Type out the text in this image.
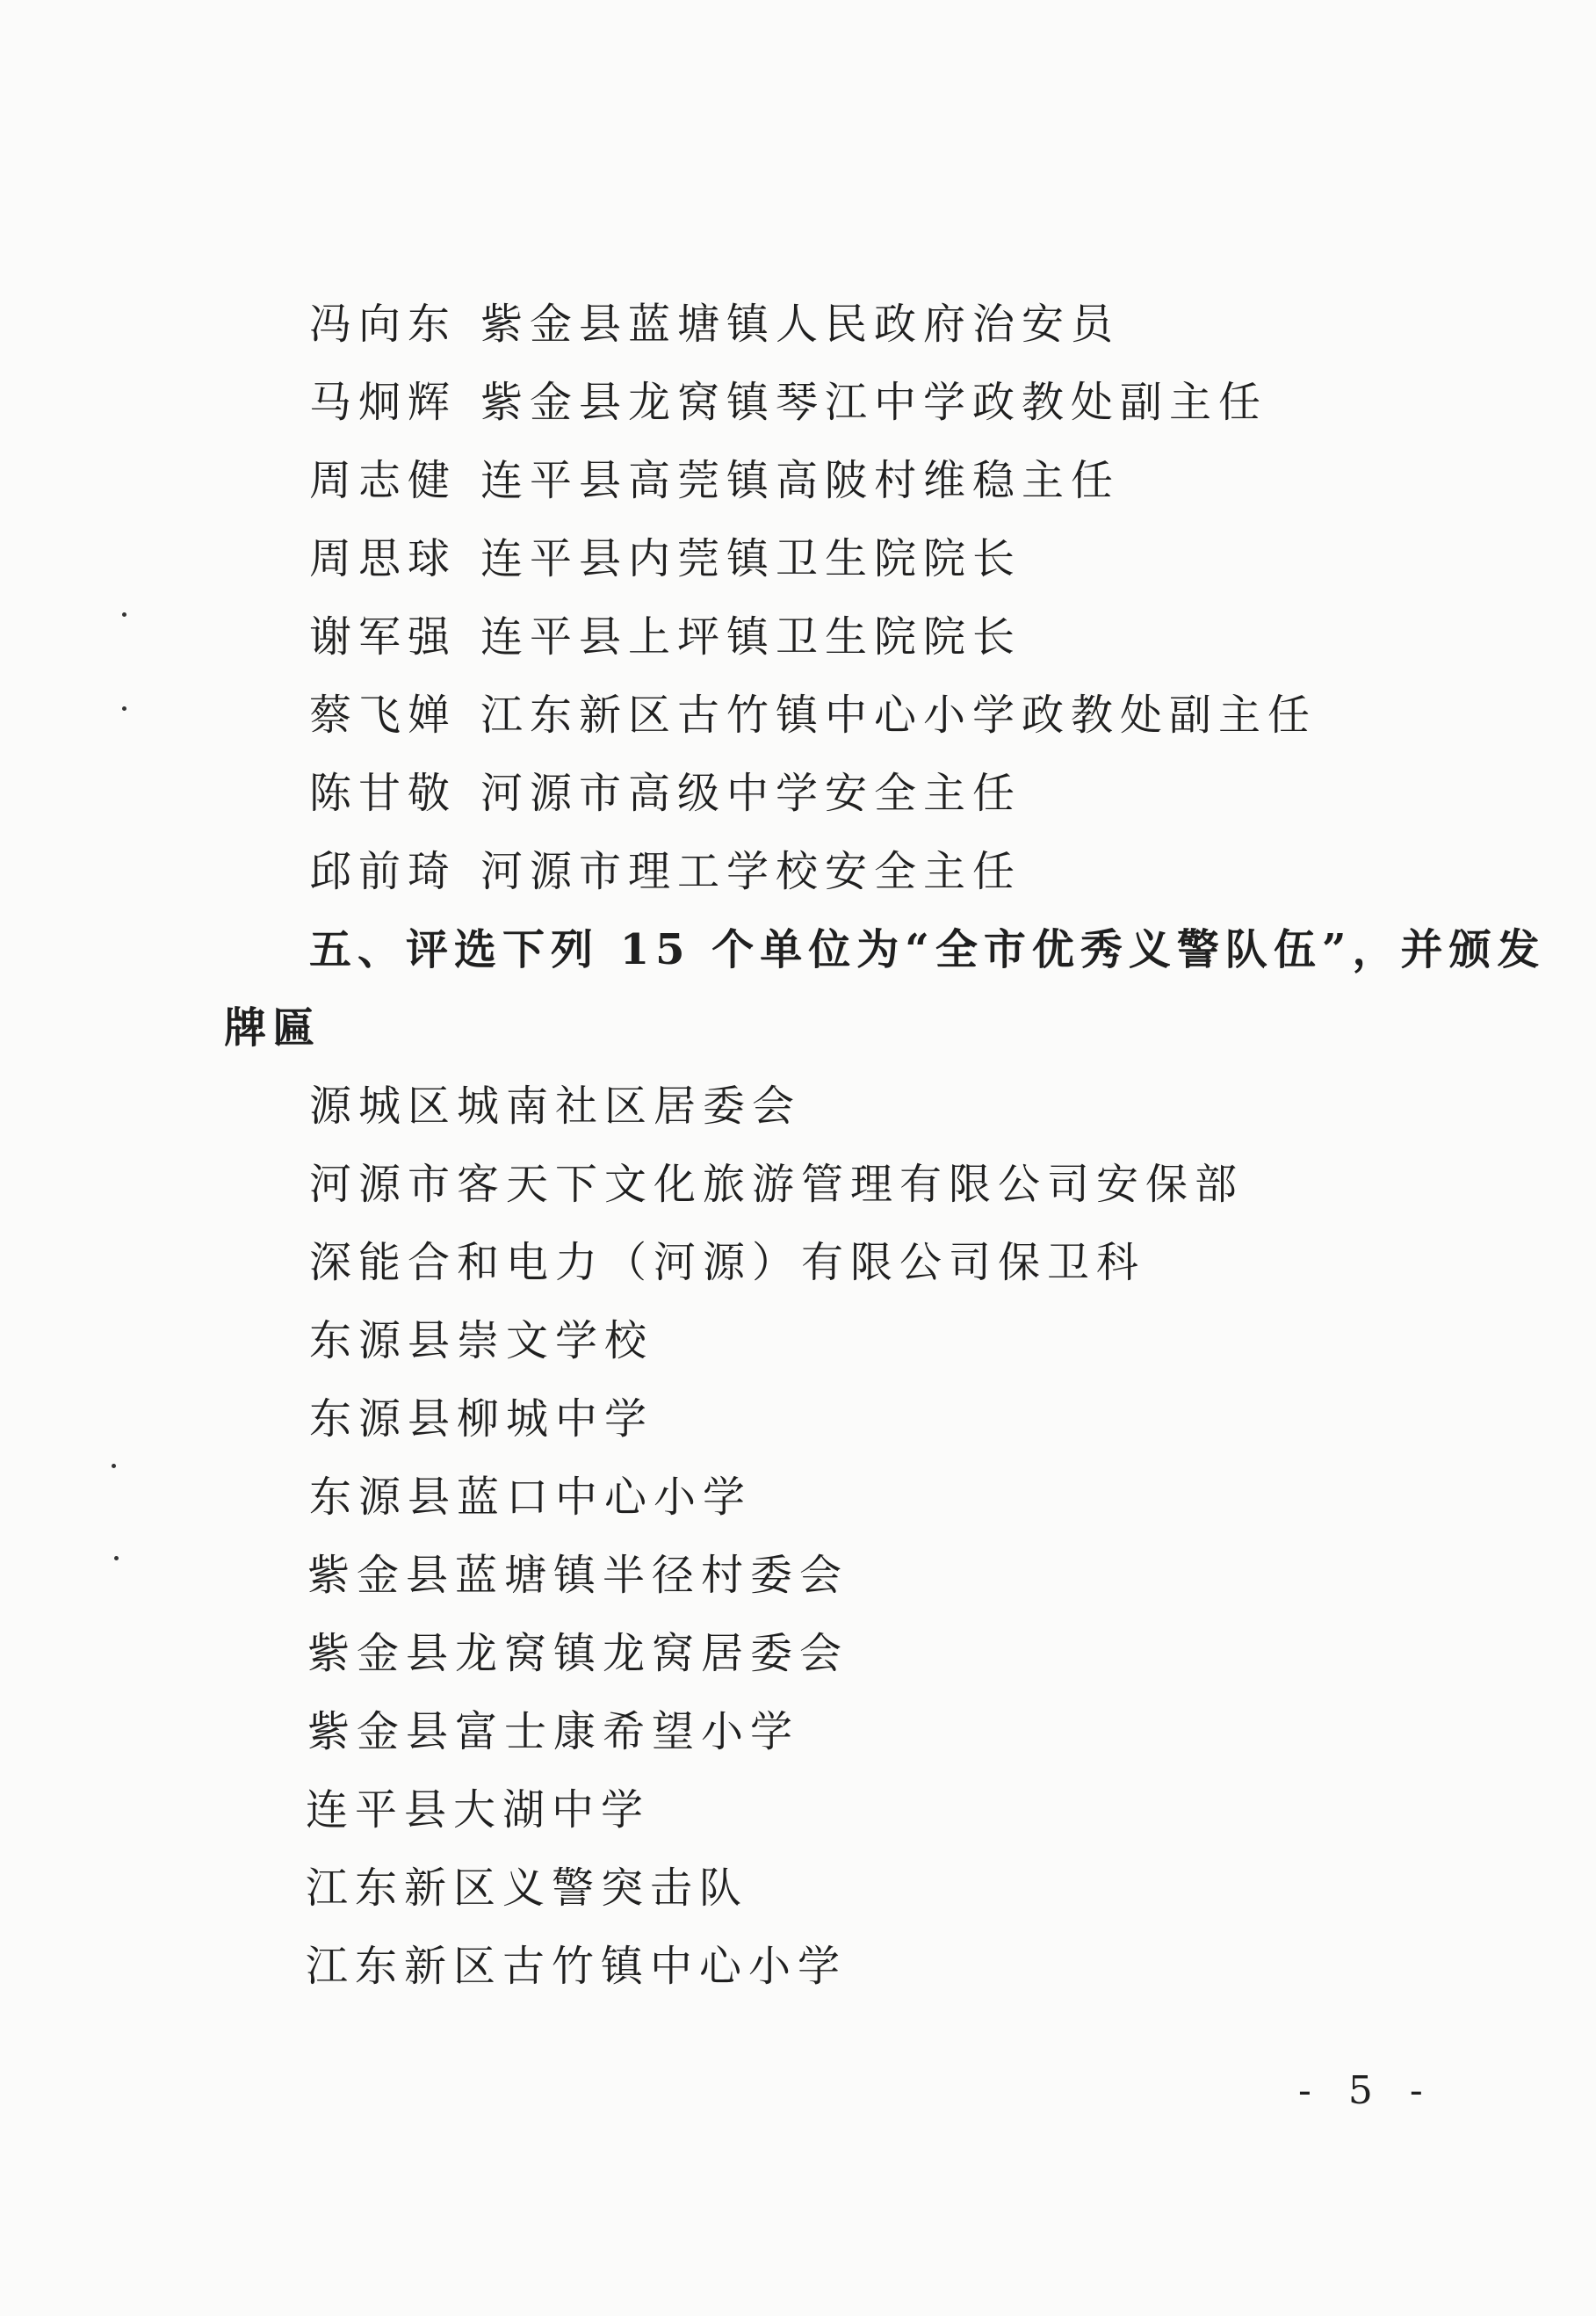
冯向东 紫金县蓝塘镇人民政府治安员
马炯辉 紫金县龙窝镇琴江中学政教处副主任
周志健 连平县高莞镇高陂村维稳主任
周思球 连平县内莞镇卫生院院长
谢军强 连平县上坪镇卫生院院长
蔡飞婵 江东新区古竹镇中心小学政教处副主任
陈甘敬 河源市高级中学安全主任
邱前琦 河源市理工学校安全主任
五、评选下列 15 个单位为“全市优秀义警队伍”，并颁发
牌匾
源城区城南社区居委会
河源市客天下文化旅游管理有限公司安保部
深能合和电力（河源）有限公司保卫科
东源县崇文学校
东源县柳城中学
东源县蓝口中心小学
紫金县蓝塘镇半径村委会
紫金县龙窝镇龙窝居委会
紫金县富士康希望小学
连平县大湖中学
江东新区义警突击队
江东新区古竹镇中心小学
- 5 -
